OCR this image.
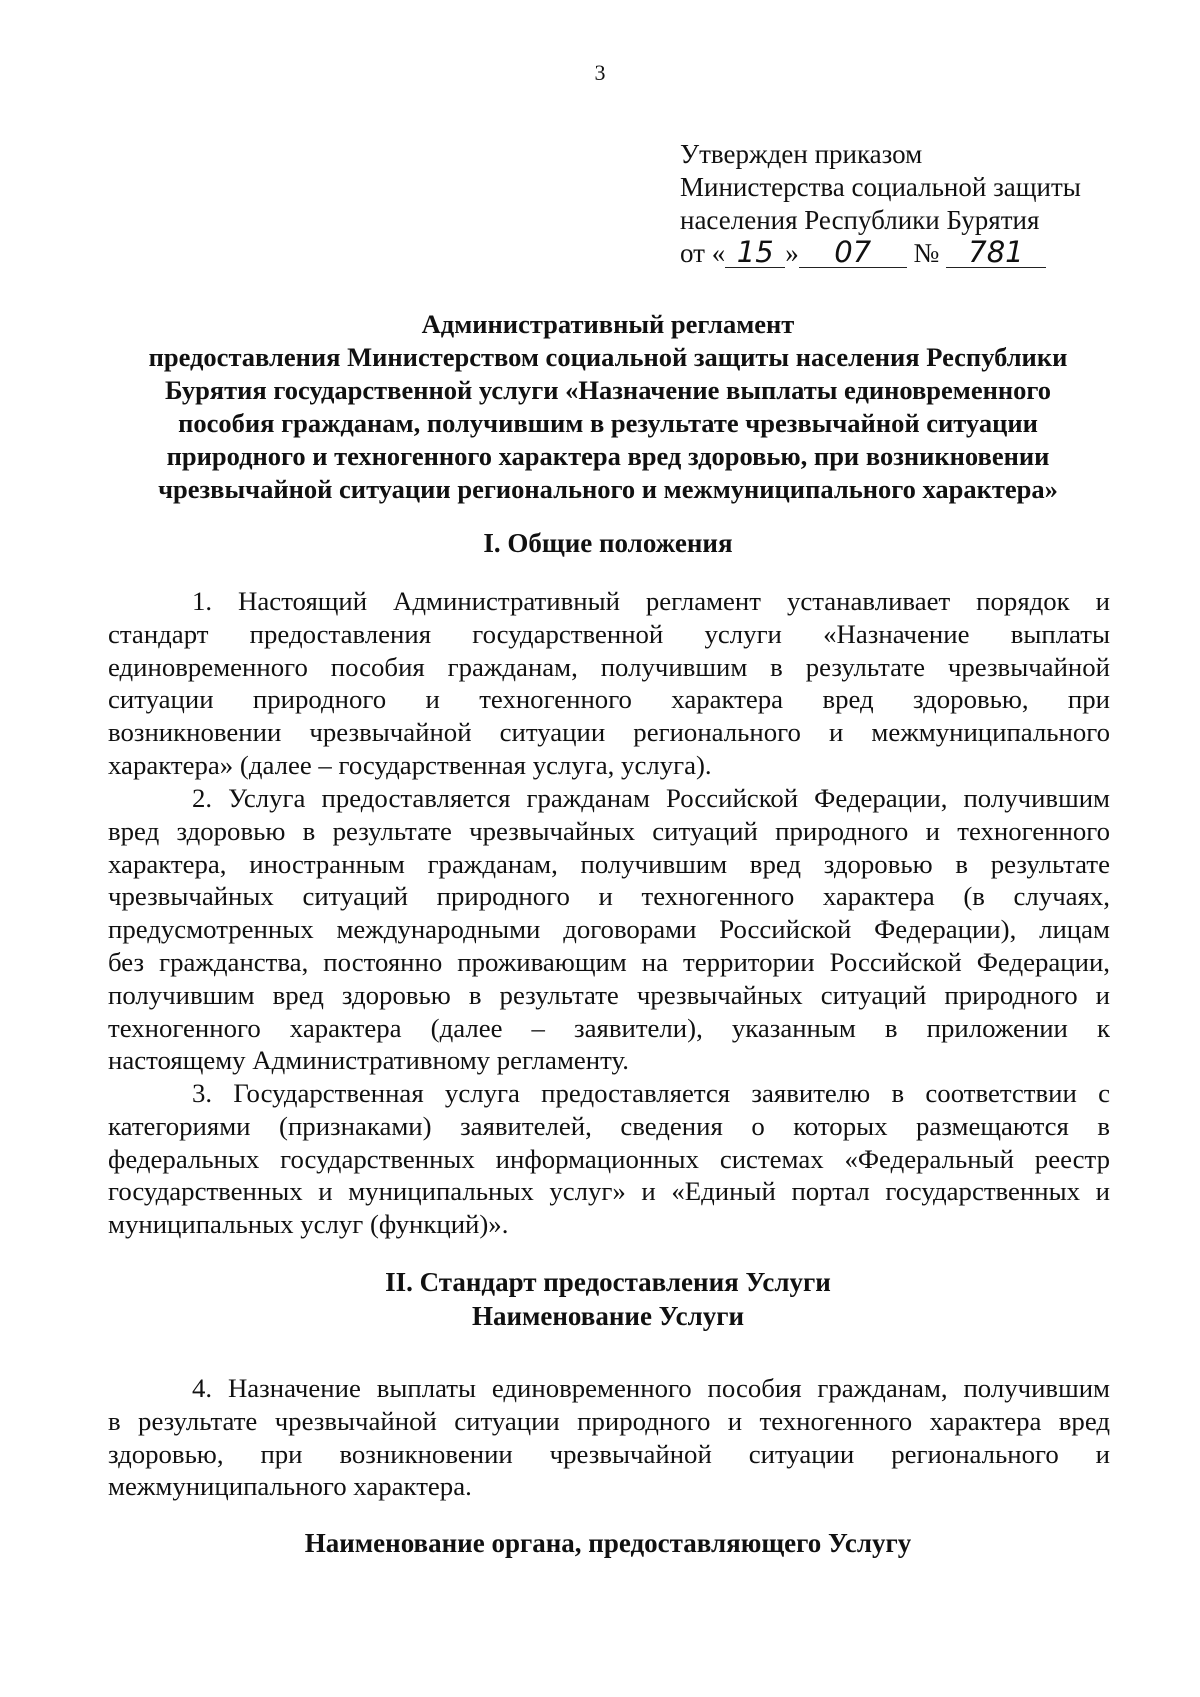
3
Утвержден приказом
Министерства социальной защиты
населения Республики Бурятия
от « 15 » 07 № 781
Административный регламент
предоставления Министерством социальной защиты населения Республики
Бурятия государственной услуги «Назначение выплаты единовременного
пособия гражданам, получившим в результате чрезвычайной ситуации
природного и техногенного характера вред здоровью, при возникновении
чрезвычайной ситуации регионального и межмуниципального характера»
I. Общие положения
1. Настоящий Административный регламент устанавливает порядок и
стандарт предоставления государственной услуги «Назначение выплаты
единовременного пособия гражданам, получившим в результате чрезвычайной
ситуации природного и техногенного характера вред здоровью, при
возникновении чрезвычайной ситуации регионального и межмуниципального
характера» (далее – государственная услуга, услуга).
2. Услуга предоставляется гражданам Российской Федерации, получившим
вред здоровью в результате чрезвычайных ситуаций природного и техногенного
характера, иностранным гражданам, получившим вред здоровью в результате
чрезвычайных ситуаций природного и техногенного характера (в случаях,
предусмотренных международными договорами Российской Федерации), лицам
без гражданства, постоянно проживающим на территории Российской Федерации,
получившим вред здоровью в результате чрезвычайных ситуаций природного и
техногенного характера (далее – заявители), указанным в приложении к
настоящему Административному регламенту.
3. Государственная услуга предоставляется заявителю в соответствии с
категориями (признаками) заявителей, сведения о которых размещаются в
федеральных государственных информационных системах «Федеральный реестр
государственных и муниципальных услуг» и «Единый портал государственных и
муниципальных услуг (функций)».
II. Стандарт предоставления Услуги
Наименование Услуги
4. Назначение выплаты единовременного пособия гражданам, получившим
в результате чрезвычайной ситуации природного и техногенного характера вред
здоровью, при возникновении чрезвычайной ситуации регионального и
межмуниципального характера.
Наименование органа, предоставляющего Услугу
